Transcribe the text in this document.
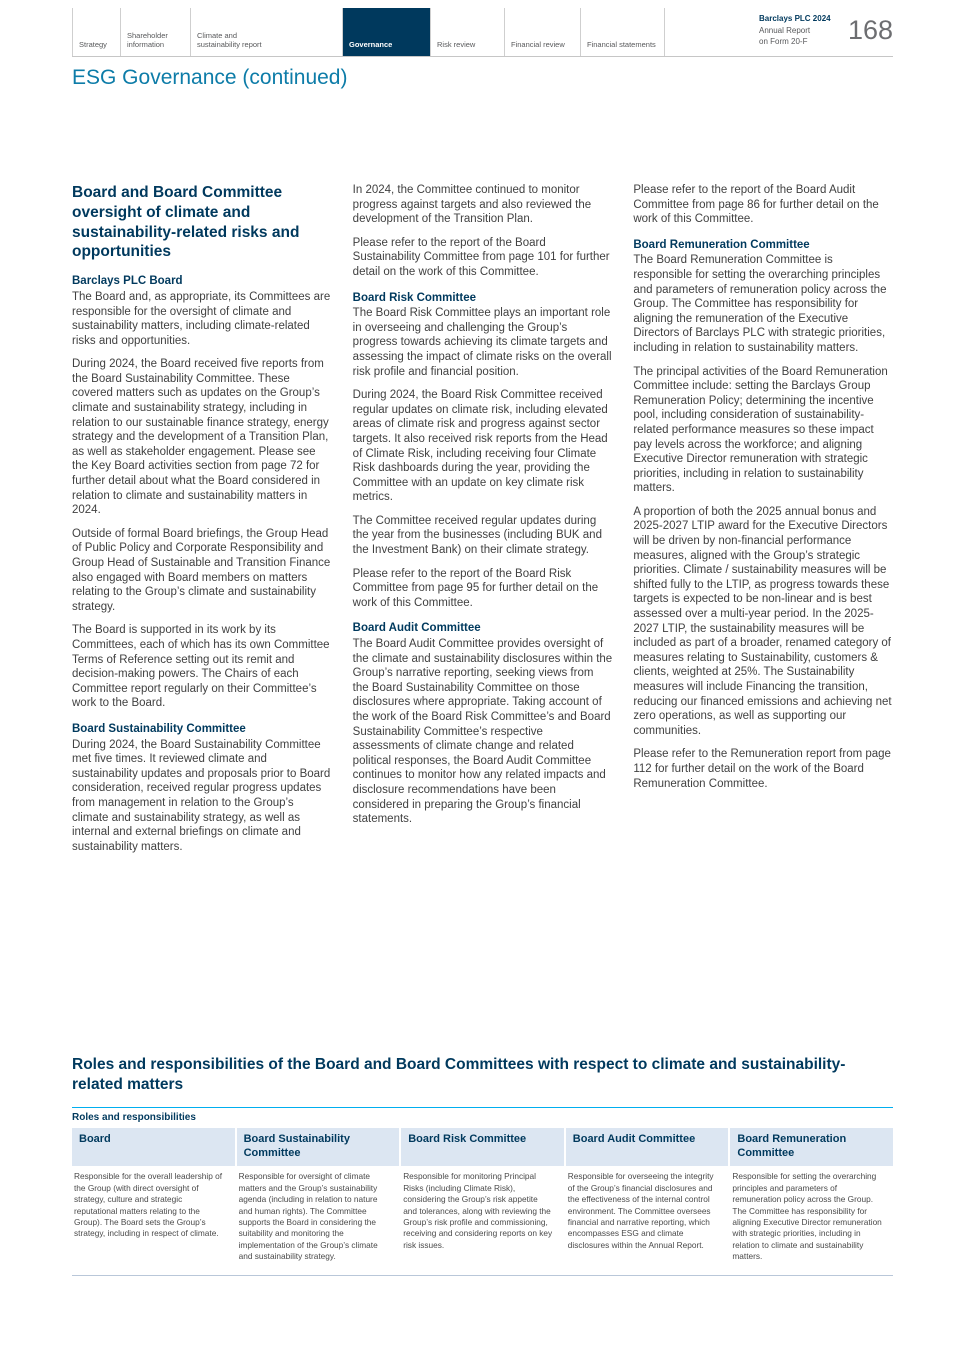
Strategy
Shareholder information
Climate and sustainability report	Governance	Risk review	Financial review	Financial statements
Barclays PLC 2024
Annual Report
on Form 20-F	168
ESG Governance (continued)
Board and Board Committee oversight of climate and sustainability-related risks and opportunities
Barclays PLC Board

The Board and, as appropriate, its Committees are responsible for the oversight of climate and sustainability matters, including climate-related risks and opportunities.

During 2024, the Board received five reports from the Board Sustainability Committee. These covered matters such as updates on the Group’s climate and sustainability strategy, including in relation to our sustainable finance strategy, energy strategy and the development of a Transition Plan, as well as stakeholder engagement. Please see the Key Board activities section from page 72 for further detail about what the Board considered in relation to climate and sustainability matters in 2024.

Outside of formal Board briefings, the Group Head of Public Policy and Corporate Responsibility and Group Head of Sustainable and Transition Finance also engaged with Board members on matters relating to the Group’s climate and sustainability strategy.

The Board is supported in its work by its Committees, each of which has its own Committee Terms of Reference setting out its remit and decision-making powers. The Chairs of each Committee report regularly on their Committee’s work to the Board.

Board Sustainability Committee

During 2024, the Board Sustainability Committee met five times. It reviewed climate and sustainability updates and proposals prior to Board consideration, received regular progress updates from management in relation to the Group’s climate and sustainability strategy, as well as internal and external briefings on climate and sustainability matters.

In 2024, the Committee continued to monitor progress against targets and also reviewed the development of the Transition Plan.

Please refer to the report of the Board Sustainability Committee from page 101 for further detail on the work of this Committee.

Board Risk Committee

The Board Risk Committee plays an important role in overseeing and challenging the Group’s progress towards achieving its climate targets and assessing the impact of climate risks on the overall risk profile and financial position.

During 2024, the Board Risk Committee received regular updates on climate risk, including elevated areas of climate risk and progress against sector targets. It also received risk reports from the Head of Climate Risk, including receiving four Climate Risk dashboards during the year, providing the Committee with an update on key climate risk metrics.

The Committee received regular updates during the year from the businesses (including BUK and the Investment Bank) on their climate strategy.

Please refer to the report of the Board Risk Committee from page 95 for further detail on the work of this Committee.

Board Audit Committee

The Board Audit Committee provides oversight of the climate and sustainability disclosures within the Group’s narrative reporting, seeking views from the Board Sustainability Committee on those disclosures where appropriate. Taking account of the work of the Board Risk Committee’s and Board Sustainability Committee’s respective assessments of climate change and related political responses, the Board Audit Committee continues to monitor how any related impacts and disclosure recommendations have been considered in preparing the Group’s financial statements.

Please refer to the report of the Board Audit Committee from page 86 for further detail on the work of this Committee.

Board Remuneration Committee

The Board Remuneration Committee is responsible for setting the overarching principles and parameters of remuneration policy across the Group. The Committee has responsibility for aligning the remuneration of the Executive Directors of Barclays PLC with strategic priorities, including in relation to sustainability matters.

The principal activities of the Board Remuneration Committee include: setting the Barclays Group Remuneration Policy; determining the incentive pool, including consideration of sustainability-related performance measures so these impact pay levels across the workforce; and aligning Executive Director remuneration with strategic priorities, including in relation to sustainability matters.

A proportion of both the 2025 annual bonus and 2025-2027 LTIP award for the Executive Directors will be driven by non-financial performance measures, aligned with the Group’s strategic priorities. Climate / sustainability measures will be shifted fully to the LTIP, as progress towards these targets is expected to be non-linear and is best assessed over a multi-year period. In the 2025-2027 LTIP, the sustainability measures will be included as part of a broader, renamed category of measures relating to Sustainability, customers & clients, weighted at 25%. The Sustainability measures will include Financing the transition, reducing our financed emissions and achieving net zero operations, as well as supporting our communities.

Please refer to the Remuneration report from page 112 for further detail on the work of the Board Remuneration Committee.

Roles and responsibilities of the Board and Board Committees with respect to climate and sustainability-related matters
Roles and responsibilities
Board
Responsible for the overall leadership of the Group (with direct oversight of strategy, culture and strategic reputational matters relating to the Group). The Board sets the Group’s strategy, including in respect of climate.
Board Sustainability Committee
Responsible for oversight of climate matters and the Group’s sustainability agenda (including in relation to nature and human rights). The Committee supports the Board in considering the suitability and monitoring the implementation of the Group’s climate and sustainability strategy.
Board Risk Committee
Responsible for monitoring Principal Risks (including Climate Risk), considering the Group’s risk appetite and tolerances, along with reviewing the Group’s risk profile and commissioning, receiving and considering reports on key risk issues.
Board Audit Committee
Responsible for overseeing the integrity of the Group’s financial disclosures and the effectiveness of the internal control environment. The Committee oversees financial and narrative reporting, which encompasses ESG and climate disclosures within the Annual Report.
Board Remuneration Committee
Responsible for setting the overarching principles and parameters of remuneration policy across the Group. The Committee has responsibility for aligning Executive Director remuneration with strategic priorities, including in relation to climate and sustainability matters.
